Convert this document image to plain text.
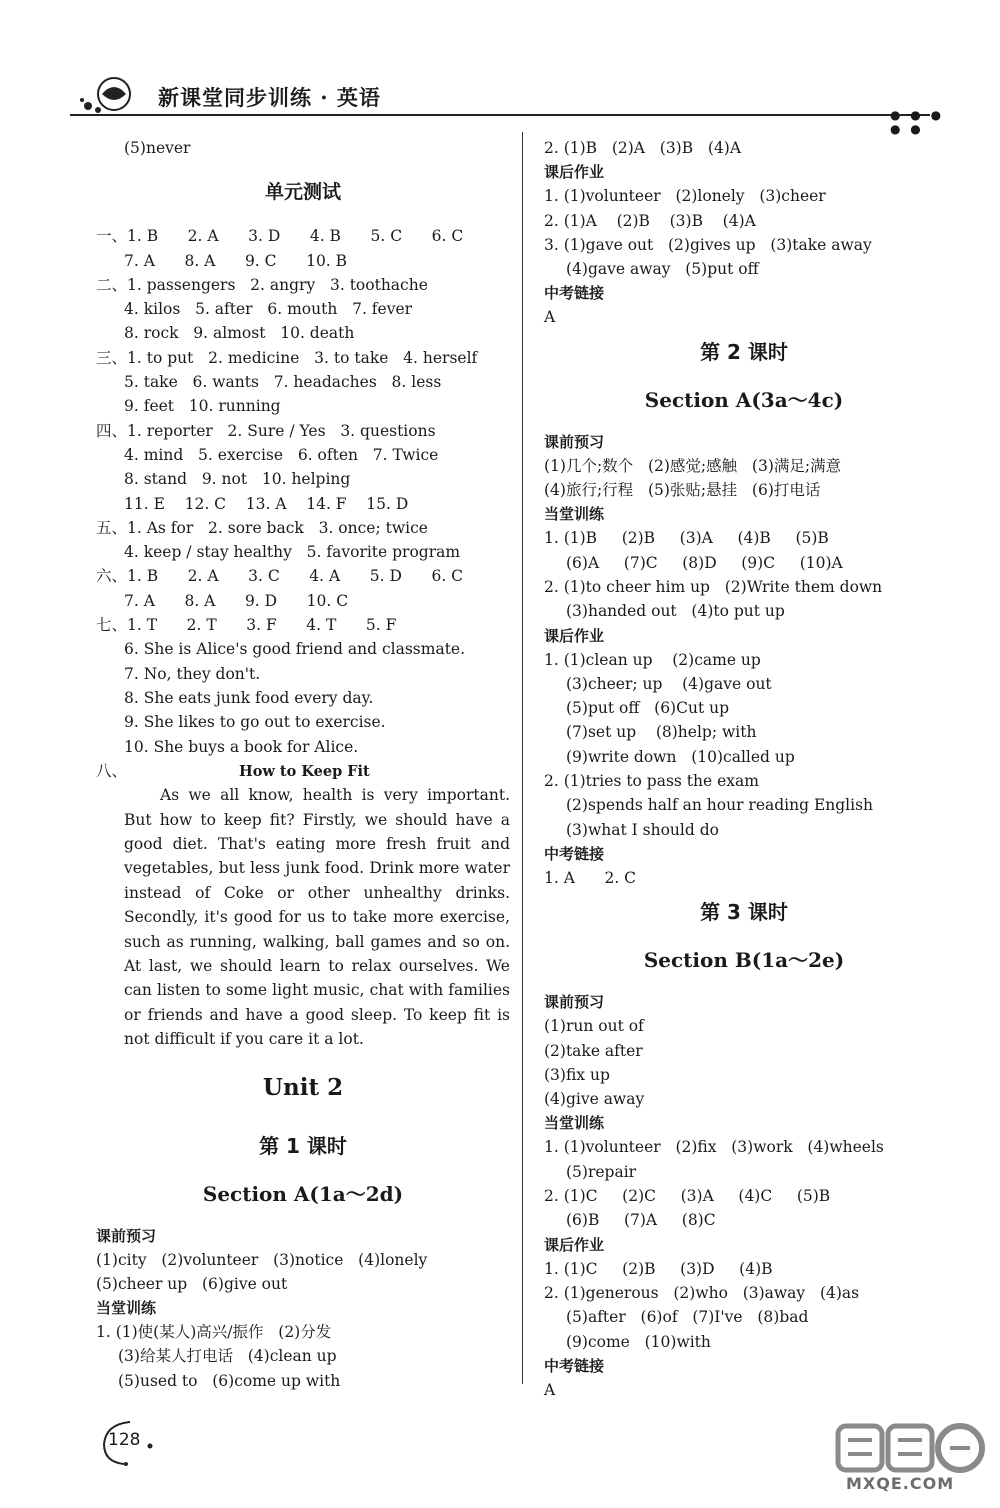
新课堂同步训练 · 英语
● ● ● ● ●
(5)never
单元测试
一、1. B      2. A      3. D      4. B      5. C      6. C
7. A      8. A      9. C      10. B
二、1. passengers   2. angry   3. toothache
4. kilos   5. after   6. mouth   7. fever
8. rock   9. almost   10. death
三、1. to put   2. medicine   3. to take   4. herself
5. take   6. wants   7. headaches   8. less
9. feet   10. running
四、1. reporter   2. Sure / Yes   3. questions
4. mind   5. exercise   6. often   7. Twice
8. stand   9. not   10. helping
11. E    12. C    13. A    14. F    15. D
五、1. As for   2. sore back   3. once; twice
4. keep / stay healthy   5. favorite program
六、1. B      2. A      3. C      4. A      5. D      6. C
7. A      8. A      9. D      10. C
七、1. T      2. T      3. F      4. T      5. F
6. She is Alice's good friend and classmate.
7. No, they don't.
8. She eats junk food every day.
9. She likes to go out to exercise.
10. She buys a book for Alice.
八、	How to Keep Fit

As we all know, health is very important. But how to keep fit? Firstly, we should have a good diet. That's eating more fresh fruit and vegetables, but less junk food. Drink more water instead of Coke or other unhealthy drinks. Secondly, it's good for us to take more exercise, such as running, walking, ball games and so on. At last, we should learn to relax ourselves. We can listen to some light music, chat with families or friends and have a good sleep. To keep fit is not difficult if you care it a lot.

Unit 2
第 1 课时
Section A(1a～2d)
课前预习
(1)city   (2)volunteer   (3)notice   (4)lonely
(5)cheer up   (6)give out
当堂训练
1. (1)使(某人)高兴/振作   (2)分发
(3)给某人打电话   (4)clean up
(5)used to   (6)come up with
2. (1)B   (2)A   (3)B   (4)A
课后作业
1. (1)volunteer   (2)lonely   (3)cheer
2. (1)A    (2)B    (3)B    (4)A
3. (1)gave out   (2)gives up   (3)take away
(4)gave away   (5)put off
中考链接
A
第 2 课时
Section A(3a～4c)
课前预习
(1)几个;数个   (2)感觉;感触   (3)满足;满意
(4)旅行;行程   (5)张贴;悬挂   (6)打电话
当堂训练
1. (1)B     (2)B     (3)A     (4)B     (5)B
(6)A     (7)C     (8)D     (9)C     (10)A
2. (1)to cheer him up   (2)Write them down
(3)handed out   (4)to put up
课后作业
1. (1)clean up    (2)came up
(3)cheer; up    (4)gave out
(5)put off   (6)Cut up
(7)set up    (8)help; with
(9)write down   (10)called up
2. (1)tries to pass the exam
(2)spends half an hour reading English
(3)what I should do
中考链接
1. A      2. C
第 3 课时
Section B(1a～2e)
课前预习
(1)run out of
(2)take after
(3)fix up
(4)give away
当堂训练
1. (1)volunteer   (2)fix   (3)work   (4)wheels
(5)repair
2. (1)C     (2)C     (3)A     (4)C     (5)B
(6)B     (7)A     (8)C
课后作业
1. (1)C     (2)B     (3)D     (4)B
2. (1)generous   (2)who   (3)away   (4)as
(5)after   (6)of   (7)I've   (8)bad
(9)come   (10)with
中考链接
A
128
MXQE.COM
